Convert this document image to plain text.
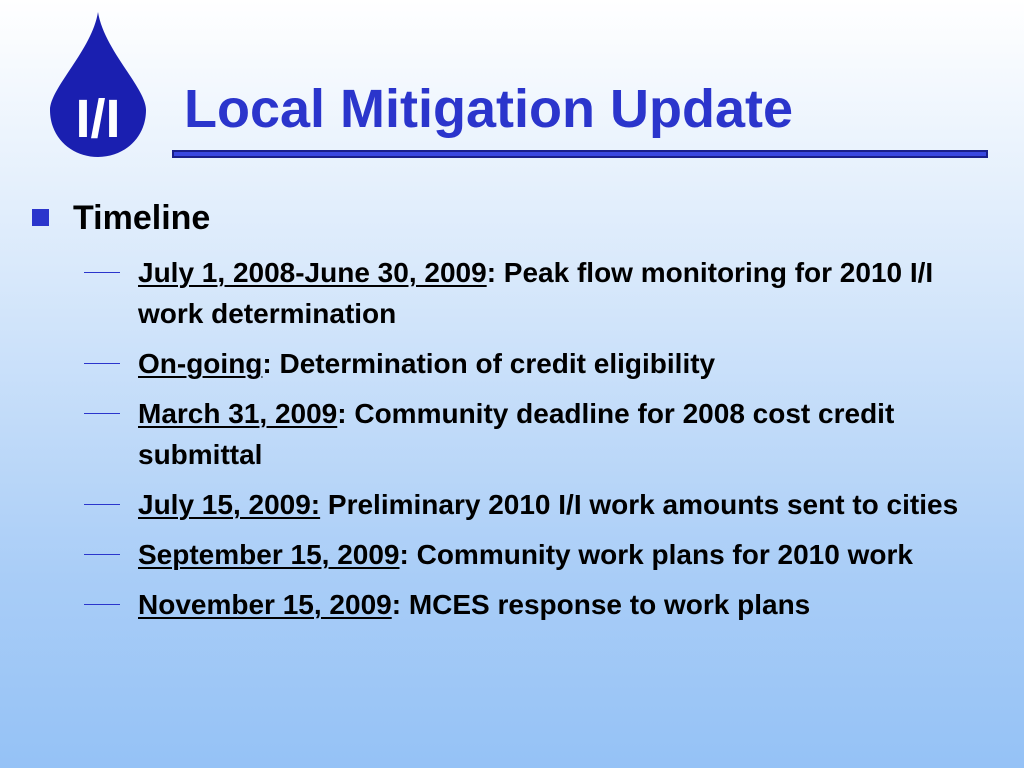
I/I Local Mitigation Update
Timeline
July 1, 2008-June 30, 2009: Peak flow monitoring for 2010 I/I work determination
On-going: Determination of credit eligibility
March 31, 2009: Community deadline for 2008 cost credit submittal
July 15, 2009: Preliminary 2010 I/I work amounts sent to cities
September 15, 2009: Community work plans for 2010 work
November 15, 2009: MCES response to work plans
